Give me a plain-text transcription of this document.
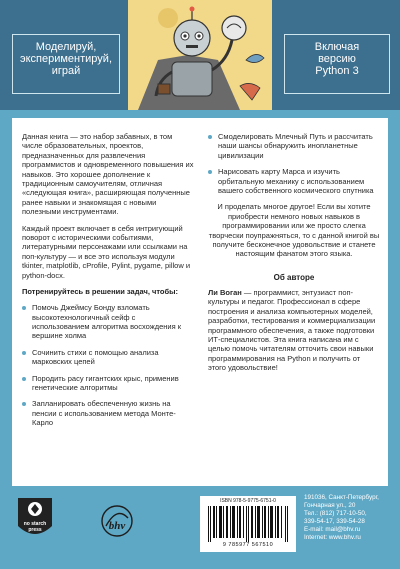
Моделируй,
экспериментируй,
играй
Включая
версию
Python 3

Данная книга — это набор забавных, в том числе образовательных, проектов, предназначенных для развлечения программистов и одновременного повышения их навыков. Это хорошее дополнение к традиционным самоучителям, отличная «следующая книга», расширяющая полученные ранее навыки и знакомящая с новыми полезными инструментами.

Каждый проект включает в себя интригующий поворот с историческими событиями, литературными персонажами или ссылками на поп-культуру — и все это используя модули tkinter, matplotlib, cProfile, Pylint, pygame, pillow и python-docx.

Потренируйтесь в решении задач, чтобы:
Помочь Джеймсу Бонду взломать высокотехнологичный сейф с использованием алгоритма восхождения к вершине холма
Сочинить стихи с помощью анализа марковских цепей
Породить расу гигантских крыс, применив генетические алгоритмы
Запланировать обеспеченную жизнь на пенсии с использованием метода Монте-Карло
Смоделировать Млечный Путь и рассчитать наши шансы обнаружить инопланетные цивилизации
Нарисовать карту Марса и изучить орбитальную механику с использованием вашего собственного космического спутника

И проделать многое другое! Если вы хотите приобрести немного новых навыков в программировании или же просто слегка творчески поупражняться, то с данной книгой вы получите бесконечное удовольствие и станете настоящим фанатом этого языка.

Об авторе

Ли Воган — программист, энтузиаст поп-культуры и педагог. Профессионал в сфере построения и анализа компьютерных моделей, разработки, тестирования и коммерциализации программного обеспечения, а также подготовки ИТ-специалистов. Эта книга написана им с целью помочь читателям отточить свои навыки программирования на Python и получить от этого удовольствие!

no starch
press	bhv
ISBN 978-5-9775-6751-0
9 785977 567510
191036, Санкт-Петербург,
Гончарная ул., 20
Тел.: (812) 717-10-50,
339-54-17, 339-54-28
E-mail: mail@bhv.ru
Internet: www.bhv.ru
